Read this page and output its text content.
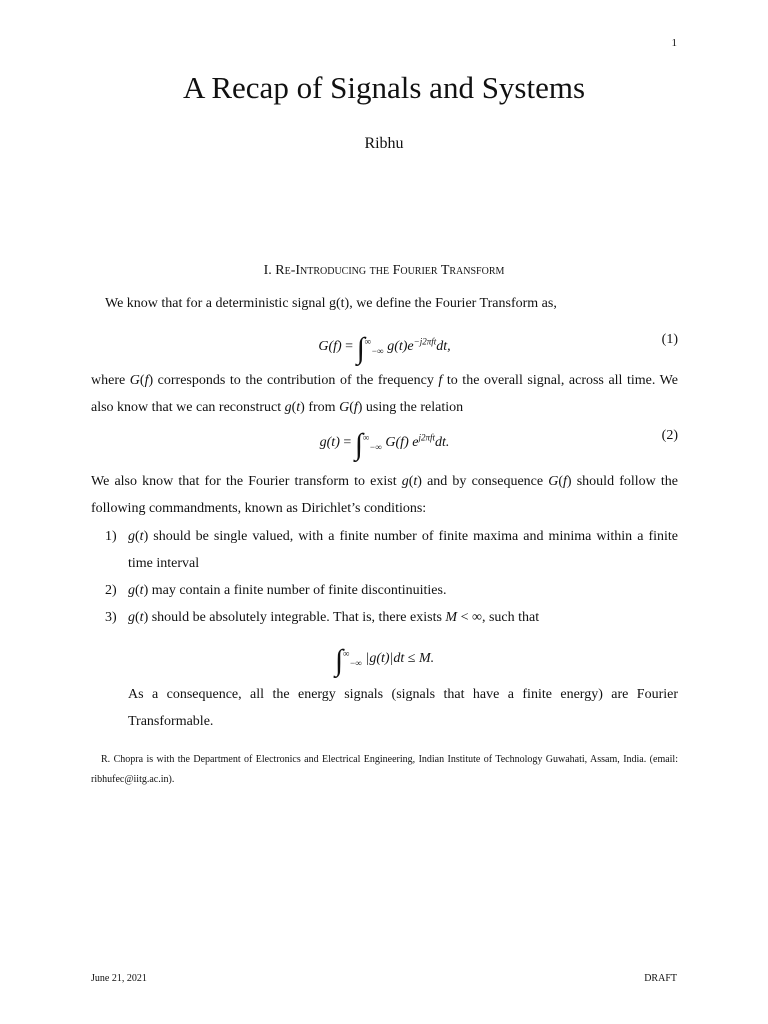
1
A Recap of Signals and Systems
Ribhu
I. Re-Introducing the Fourier Transform
We know that for a deterministic signal g(t), we define the Fourier Transform as,
$G(f) = \int^\infty_{-\infty}$ $g(t)e^{-j2\pi ft}dt$,	(1)
where G(f) corresponds to the contribution of the frequency f to the overall signal, across all time. We also know that we can reconstruct g(t) from G(f) using the relation
$g(t) = \int^\infty_{-\infty}$ G(f) $e^{j2\pi ft}dt$.	(2)
We also know that for the Fourier transform to exist g(t) and by consequence G(f) should follow the following commandments, known as Dirichlet’s conditions:
1) g(t) should be single valued, with a finite number of finite maxima and minima within a finite time interval
2) g(t) may contain a finite number of finite discontinuities.
3) g(t) should be absolutely integrable. That is, there exists M < ∞, such that
$\int^\infty_{-\infty}$ |g(t)|dt ≤ M.
As a consequence, all the energy signals (signals that have a finite energy) are Fourier Transformable.
R. Chopra is with the Department of Electronics and Electrical Engineering, Indian Institute of Technology Guwahati, Assam, India. (email: ribhufec@iitg.ac.in).
June 21, 2021	DRAFT
